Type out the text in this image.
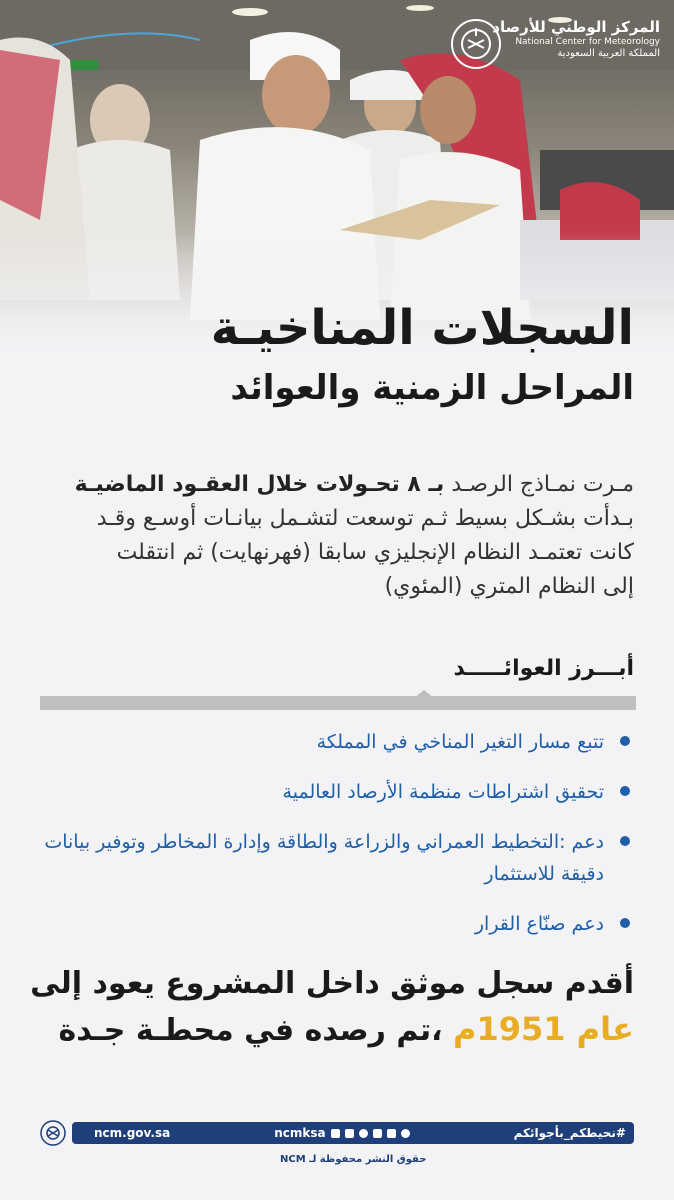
المركز الوطني للأرصاد
National Center for Meteorology
المملكة العربية السعودية
السجلات المناخيـة
المراحل الزمنية والعوائد
مـرت نمـاذج الرصـد بـ ٨ تحـولات خلال العقـود الماضيـة
بـدأت بشـكل بسيط ثـم توسعت لتشـمل بيانـات أوسـع وقـد
كانت تعتمـد النظام الإنجليزي سابقا (فهرنهايت) ثم انتقلت
إلى النظام المتري (المئوي)
أبـــرز العوائـــــد
تتبع مسار التغير المناخي في المملكة
تحقيق اشتراطات منظمة الأرصاد العالمية
دعم :التخطيط العمراني والزراعة والطاقة وإدارة المخاطر وتوفير بيانات دقيقة للاستثمار
دعم صنّاع القرار
أقدم سجل موثق داخل المشروع يعود إلى
عام 1951م ،تم رصده في محطـة جـدة
ncm.gov.sa	ncmksa	#نحيطكم_بأجوائكم
حقوق النشر محفوظة لـ NCM
